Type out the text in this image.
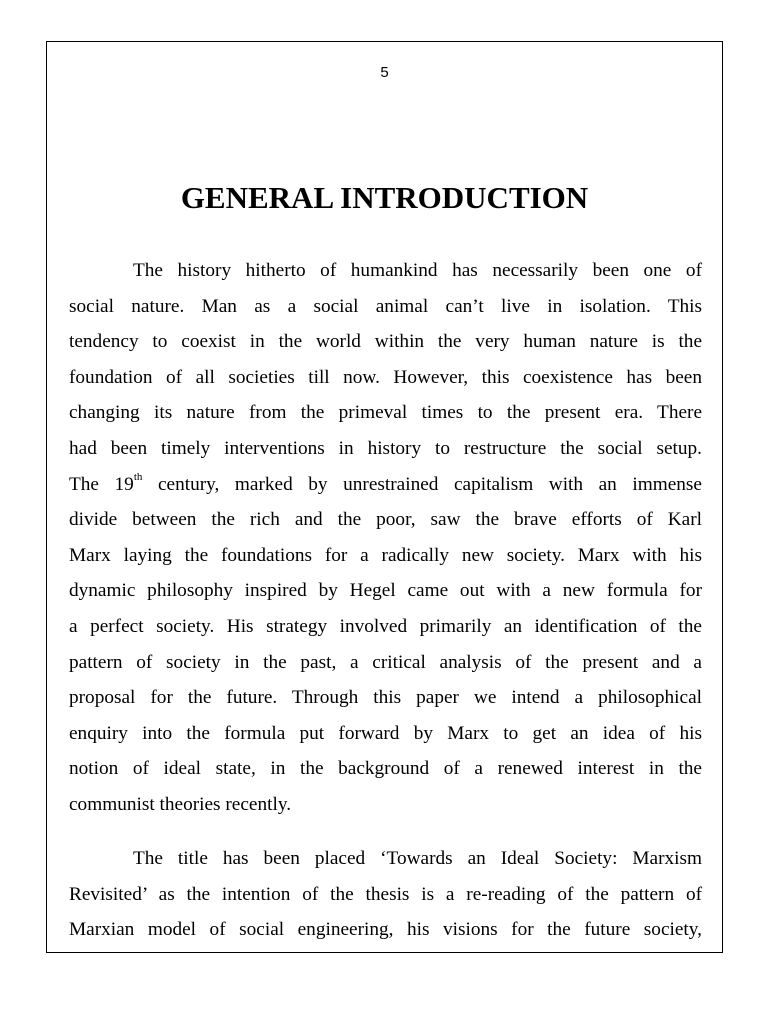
5
GENERAL INTRODUCTION
The history hitherto of humankind has necessarily been one of
social nature. Man as a social animal can’t live in isolation. This
tendency to coexist in the world within the very human nature is the
foundation of all societies till now. However, this coexistence has been
changing its nature from the primeval times to the present era. There
had been timely interventions in history to restructure the social setup.
The 19th century, marked by unrestrained capitalism with an immense
divide between the rich and the poor, saw the brave efforts of Karl
Marx laying the foundations for a radically new society. Marx with his
dynamic philosophy inspired by Hegel came out with a new formula for
a perfect society. His strategy involved primarily an identification of the
pattern of society in the past, a critical analysis of the present and a
proposal for the future. Through this paper we intend a philosophical
enquiry into the formula put forward by Marx to get an idea of his
notion of ideal state, in the background of a renewed interest in the
communist theories recently.
The title has been placed ‘Towards an Ideal Society: Marxism
Revisited’ as the intention of the thesis is a re-reading of the pattern of
Marxian model of social engineering, his visions for the future society,
